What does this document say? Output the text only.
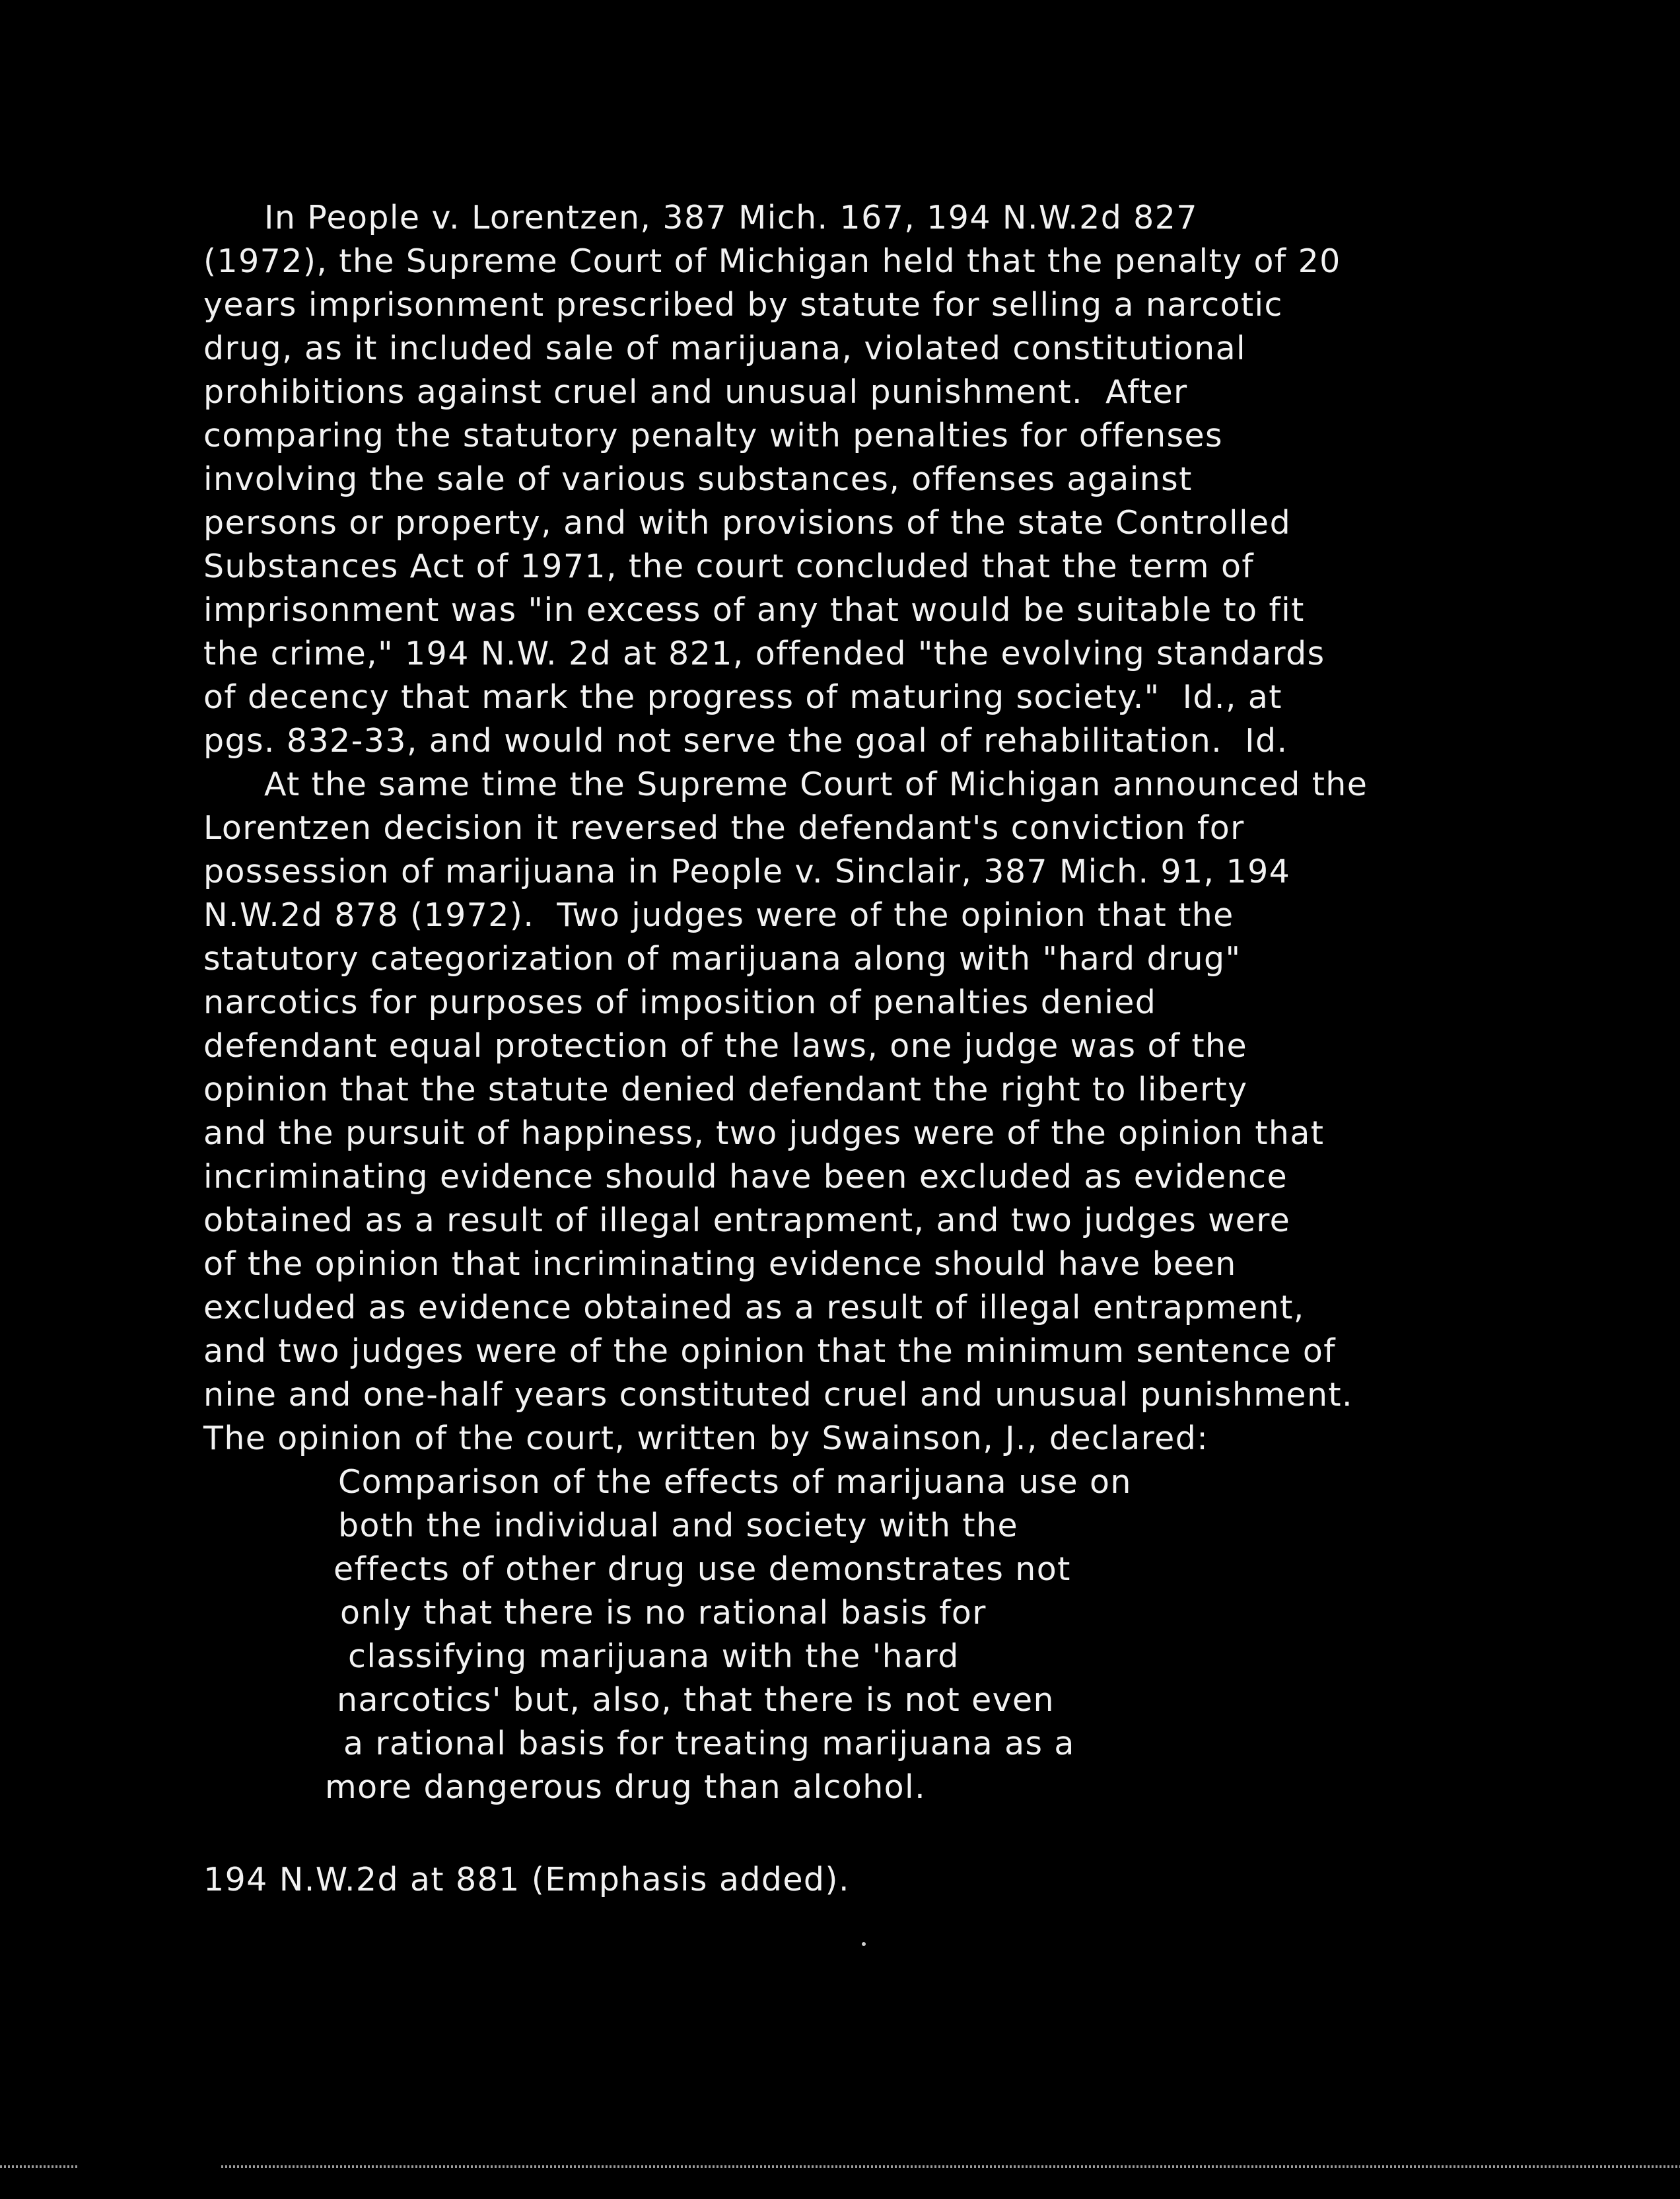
In People v. Lorentzen, 387 Mich. 167, 194 N.W.2d 827
(1972), the Supreme Court of Michigan held that the penalty of 20
years imprisonment prescribed by statute for selling a narcotic
drug, as it included sale of marijuana, violated constitutional
prohibitions against cruel and unusual punishment.  After
comparing the statutory penalty with penalties for offenses
involving the sale of various substances, offenses against
persons or property, and with provisions of the state Controlled
Substances Act of 1971, the court concluded that the term of
imprisonment was "in excess of any that would be suitable to fit
the crime," 194 N.W. 2d at 821, offended "the evolving standards
of decency that mark the progress of maturing society."  Id., at
pgs. 832-33, and would not serve the goal of rehabilitation.  Id.
At the same time the Supreme Court of Michigan announced the
Lorentzen decision it reversed the defendant's conviction for
possession of marijuana in People v. Sinclair, 387 Mich. 91, 194
N.W.2d 878 (1972).  Two judges were of the opinion that the
statutory categorization of marijuana along with "hard drug"
narcotics for purposes of imposition of penalties denied
defendant equal protection of the laws, one judge was of the
opinion that the statute denied defendant the right to liberty
and the pursuit of happiness, two judges were of the opinion that
incriminating evidence should have been excluded as evidence
obtained as a result of illegal entrapment, and two judges were
of the opinion that incriminating evidence should have been
excluded as evidence obtained as a result of illegal entrapment,
and two judges were of the opinion that the minimum sentence of
nine and one-half years constituted cruel and unusual punishment.
The opinion of the court, written by Swainson, J., declared:
Comparison of the effects of marijuana use on
both the individual and society with the
effects of other drug use demonstrates not
only that there is no rational basis for
classifying marijuana with the 'hard
narcotics' but, also, that there is not even
a rational basis for treating marijuana as a
more dangerous drug than alcohol.
194 N.W.2d at 881 (Emphasis added).
